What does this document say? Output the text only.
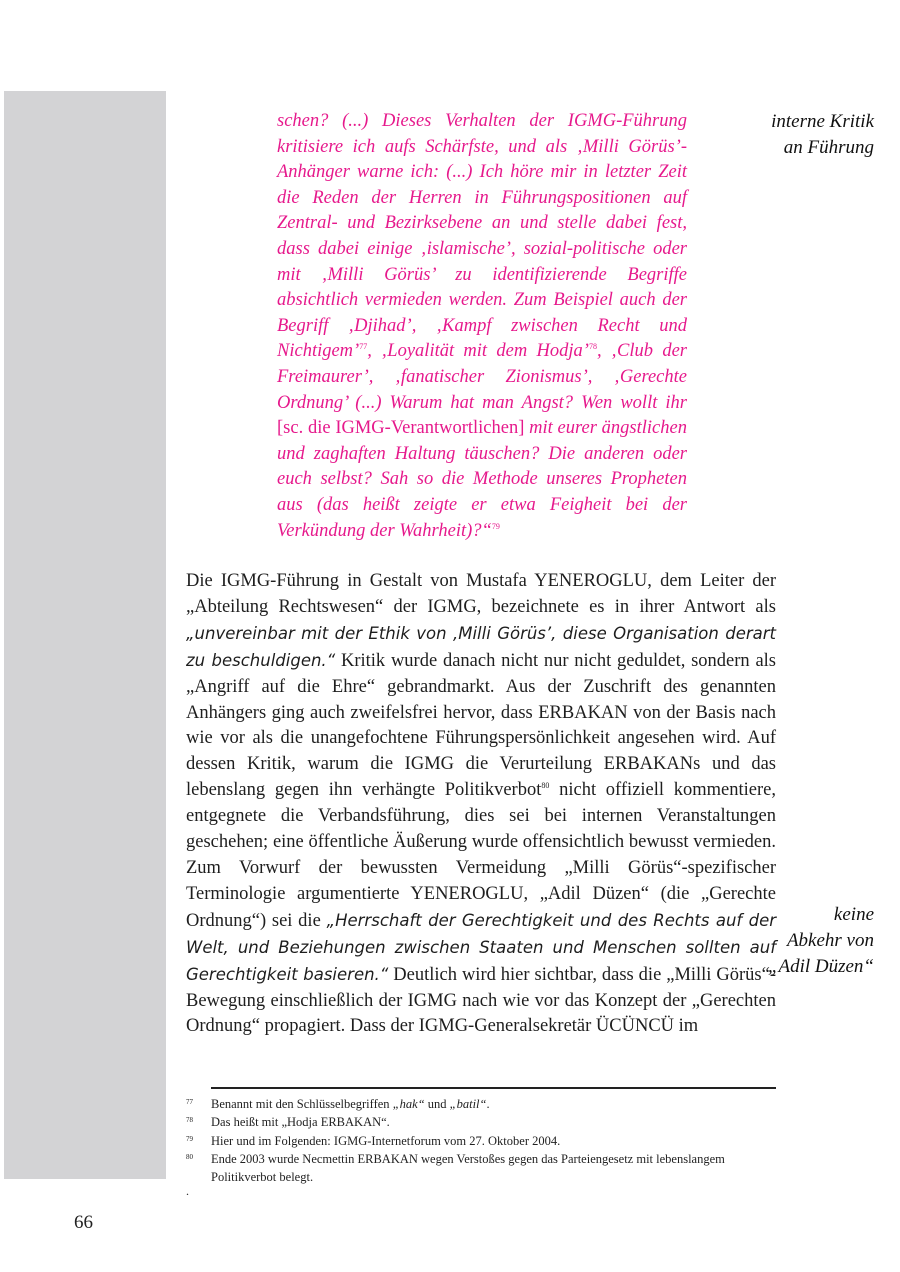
interne Kritik
an Führung
keine
Abkehr von
„Adil Düzen“
schen? (...) Dieses Verhalten der IGMG-Führung kritisiere ich aufs Schärfste, und als ‚Milli Görüs’-Anhänger warne ich: (...) Ich höre mir in letzter Zeit die Reden der Herren in Führungspositionen auf Zentral- und Bezirksebene an und stelle dabei fest, dass dabei einige ‚islamische’, sozial-politische oder mit ‚Milli Görüs’ zu identifizierende Begriffe absichtlich vermieden werden. Zum Beispiel auch der Begriff ‚Djihad’, ‚Kampf zwischen Recht und Nichtigem’$^{77}$, ‚Loyalität mit dem Hodja’$^{78}$, ‚Club der Freimaurer’, ‚fanatischer Zionismus’, ‚Gerechte Ordnung’ (...) Warum hat man Angst? Wen wollt ihr [sc. die IGMG-Verantwortlichen] mit eurer ängstlichen und zaghaften Haltung täuschen? Die anderen oder euch selbst? Sah so die Methode unseres Propheten aus (das heißt zeigte er etwa Feigheit bei der Verkündung der Wahrheit)?“$^{79}$
Die IGMG-Führung in Gestalt von Mustafa YENEROGLU, dem Leiter der „Abteilung Rechtswesen“ der IGMG, bezeichnete es in ihrer Antwort als „unvereinbar mit der Ethik von ‚Milli Görüs’, diese Organisation derart zu beschuldigen.“ Kritik wurde danach nicht nur nicht geduldet, sondern als „Angriff auf die Ehre“ gebrandmarkt. Aus der Zuschrift des genannten Anhängers ging auch zweifelsfrei hervor, dass ERBAKAN von der Basis nach wie vor als die unangefochtene Führungspersönlichkeit angesehen wird. Auf dessen Kritik, warum die IGMG die Verurteilung ERBAKANs und das lebenslang gegen ihn verhängte Politikverbot$^{80}$ nicht offiziell kommentiere, entgegnete die Verbandsführung, dies sei bei internen Veranstaltungen geschehen; eine öffentliche Äußerung wurde offensichtlich bewusst vermieden. Zum Vorwurf der bewussten Vermeidung „Milli Görüs“-spezifischer Terminologie argumentierte YENEROGLU, „Adil Düzen“ (die „Gerechte Ordnung“) sei die „Herrschaft der Gerechtigkeit und des Rechts auf der Welt, und Beziehungen zwischen Staaten und Menschen sollten auf Gerechtigkeit basieren.“ Deutlich wird hier sichtbar, dass die „Milli Görüs“-Bewegung einschließlich der IGMG nach wie vor das Konzept der „Gerechten Ordnung“ propagiert. Dass der IGMG-Generalsekretär ÜCÜNCÜ im
77	Benannt mit den Schlüsselbegriffen „hak“ und „batil“.
78	Das heißt mit „Hodja ERBAKAN“.
79	Hier und im Folgenden: IGMG-Internetforum vom 27. Oktober 2004.
80	Ende 2003 wurde Necmettin ERBAKAN wegen Verstoßes gegen das Parteiengesetz mit lebenslangem Politikverbot belegt.
.
66
